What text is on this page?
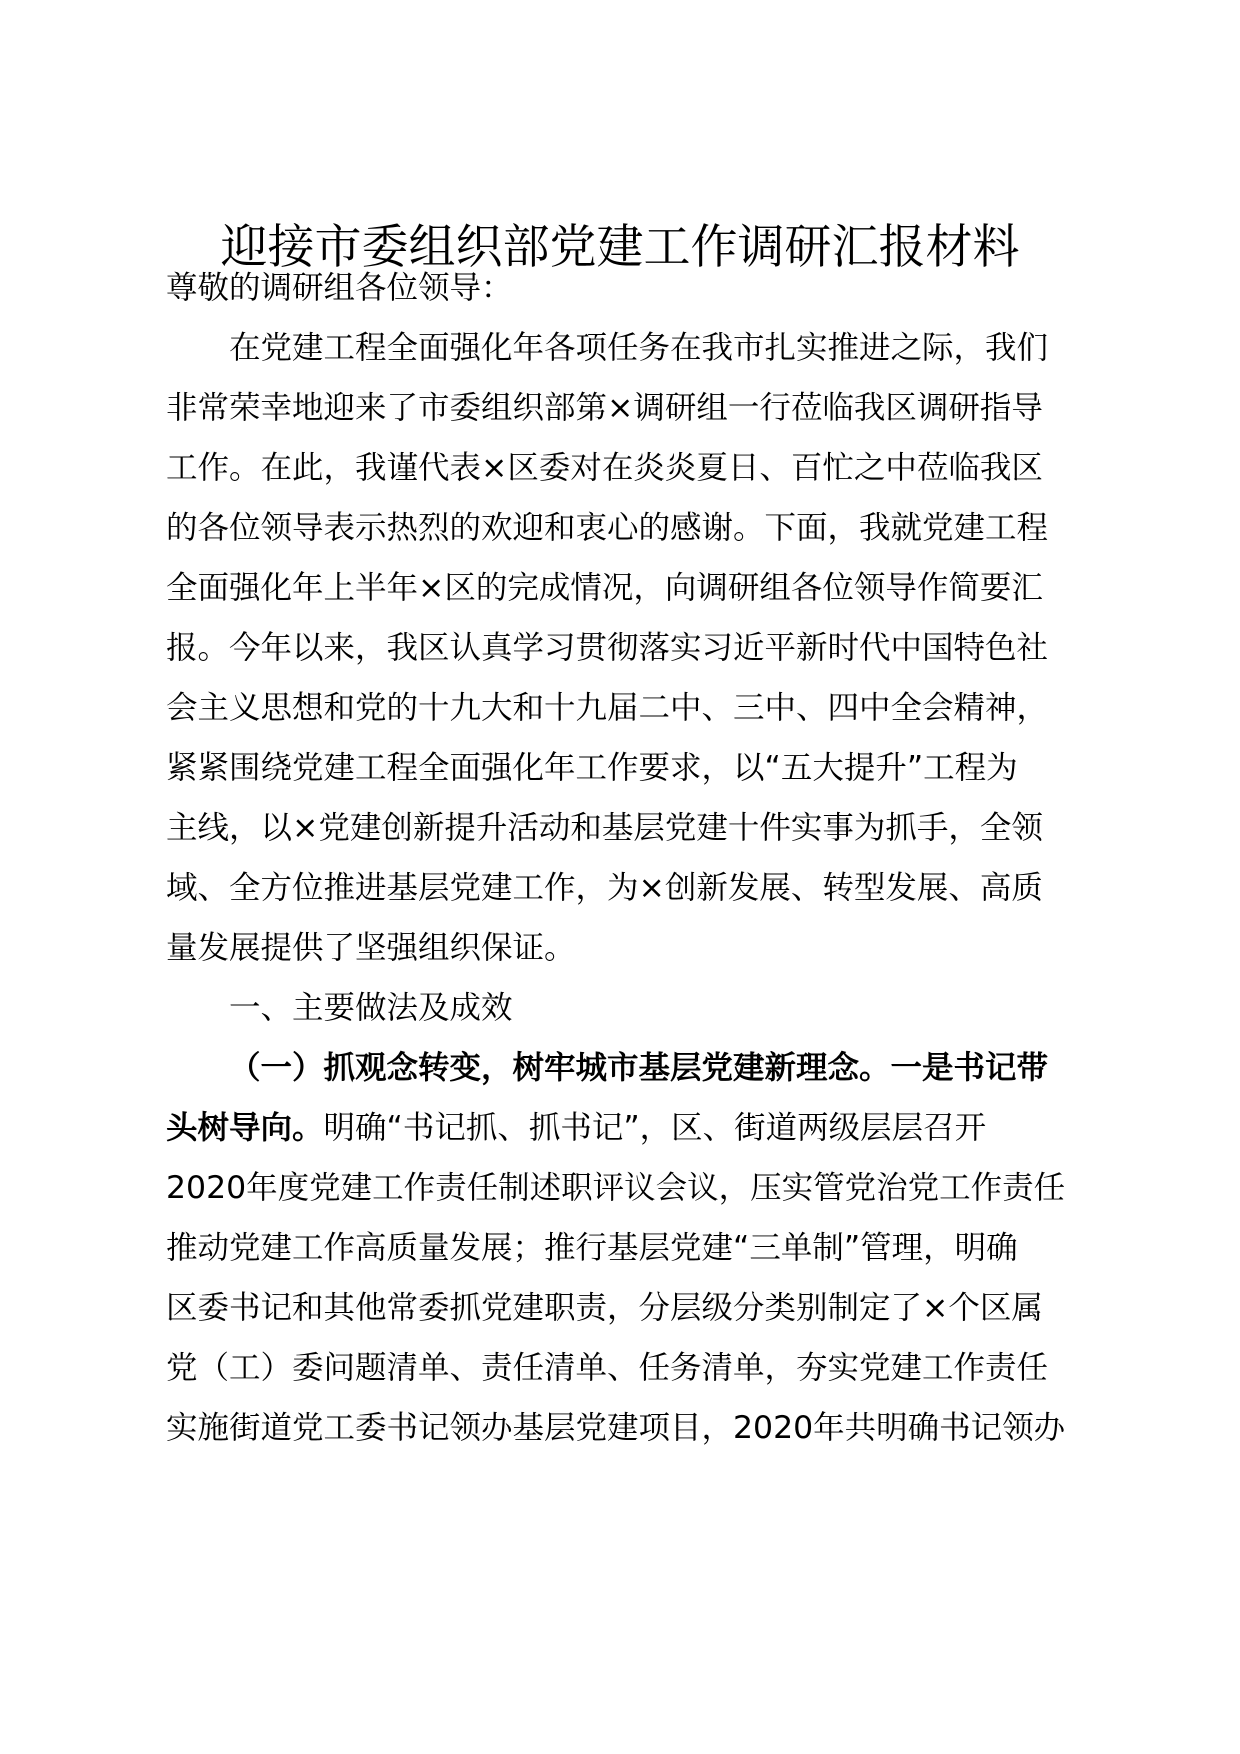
迎接市委组织部党建工作调研汇报材料
尊敬的调研组各位领导：
在党建工程全面强化年各项任务在我市扎实推进之际，我们
非常荣幸地迎来了市委组织部第×调研组一行莅临我区调研指导
工作。在此，我谨代表×区委对在炎炎夏日、百忙之中莅临我区
的各位领导表示热烈的欢迎和衷心的感谢。下面，我就党建工程
全面强化年上半年×区的完成情况，向调研组各位领导作简要汇
报。今年以来，我区认真学习贯彻落实习近平新时代中国特色社
会主义思想和党的十九大和十九届二中、三中、四中全会精神，
紧紧围绕党建工程全面强化年工作要求，以“五大提升”工程为
主线，以×党建创新提升活动和基层党建十件实事为抓手，全领
域、全方位推进基层党建工作，为×创新发展、转型发展、高质
量发展提供了坚强组织保证。
一、主要做法及成效
（一）抓观念转变，树牢城市基层党建新理念。一是书记带
头树导向。明确“书记抓、抓书记”，区、街道两级层层召开
2020年度党建工作责任制述职评议会议，压实管党治党工作责任
推动党建工作高质量发展；推行基层党建“三单制”管理，明确
区委书记和其他常委抓党建职责，分层级分类别制定了×个区属
党（工）委问题清单、责任清单、任务清单，夯实党建工作责任
实施街道党工委书记领办基层党建项目，2020年共明确书记领办
